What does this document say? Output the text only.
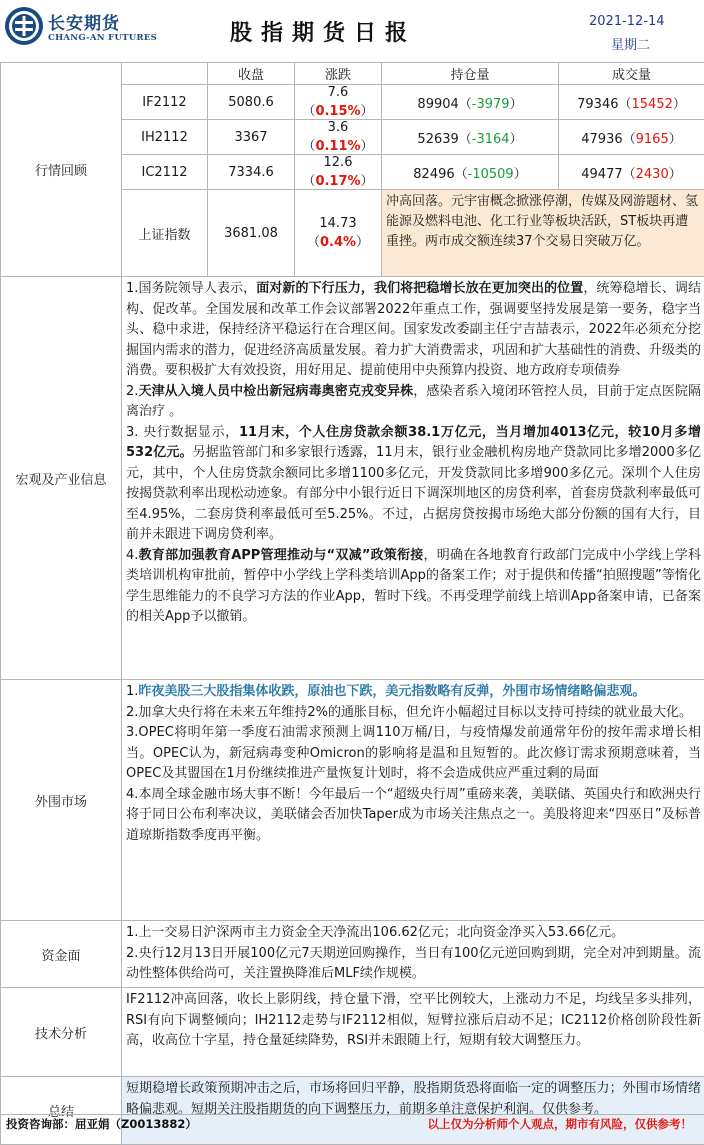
长安期货
CHANG-AN FUTURES	股指期货日报	2021-12-14
星期二
行情回顾		收盘	涨跌	持仓量	成交量
	IF2112	5080.6	7.6（0.15%）	89904（-3979）	79346（15452）
	IH2112	3367	3.6（0.11%）	52639（-3164）	47936（9165）
	IC2112	7334.6	12.6（0.17%）	82496（-10509）	49477（2430）
	上证指数	3681.08	14.73（0.4%）	冲高回落。元宇宙概念掀涨停潮，传媒及网游题材、氢能源及燃料电池、化工行业等板块活跃，ST板块再遭重挫。两市成交额连续37个交易日突破万亿。	
宏观及产业信息	1.国务院领导人表示，面对新的下行压力，我们将把稳增长放在更加突出的位置，统筹稳增长、调结构、促改革。全国发展和改革工作会议部署2022年重点工作，强调要坚持发展是第一要务，稳字当头、稳中求进，保持经济平稳运行在合理区间。国家发改委副主任宁吉喆表示，2022年必须充分挖掘国内需求的潜力，促进经济高质量发展。着力扩大消费需求，巩固和扩大基础性的消费、升级类的消费。要积极扩大有效投资，用好用足、提前使用中央预算内投资、地方政府专项债券

2.天津从入境人员中检出新冠病毒奥密克戎变异株，感染者系入境闭环管控人员，目前于定点医院隔离治疗 。

3. 央行数据显示，11月末，个人住房贷款余额38.1万亿元，当月增加4013亿元，较10月多增532亿元。另据监管部门和多家银行透露，11月末，银行业金融机构房地产贷款同比多增2000多亿元，其中，个人住房贷款余额同比多增1100多亿元，开发贷款同比多增900多亿元。深圳个人住房按揭贷款利率出现松动迹象。有部分中小银行近日下调深圳地区的房贷利率，首套房贷款利率最低可至4.95%，二套房贷利率最低可至5.25%。不过，占据房贷按揭市场绝大部分份额的国有大行，目前并未跟进下调房贷利率。

4.教育部加强教育APP管理推动与“双减”政策衔接，明确在各地教育行政部门完成中小学线上学科类培训机构审批前，暂停中小学线上学科类培训App的备案工作；对于提供和传播“拍照搜题”等惰化学生思维能力的不良学习方法的作业App，暂时下线。不再受理学前线上培训App备案申请，已备案的相关App予以撤销。				

外围市场	1.昨夜美股三大股指集体收跌，原油也下跌，美元指数略有反弹，外围市场情绪略偏悲观。

2.加拿大央行将在未来五年维持2%的通胀目标，但允许小幅超过目标以支持可持续的就业最大化。

3.OPEC将明年第一季度石油需求预测上调110万桶/日，与疫情爆发前通常年份的按年需求增长相当。OPEC认为，新冠病毒变种Omicron的影响将是温和且短暂的。此次修订需求预期意味着，当OPEC及其盟国在1月份继续推进产量恢复计划时，将不会造成供应严重过剩的局面

4.本周全球金融市场大事不断！今年最后一个“超级央行周”重磅来袭，美联储、英国央行和欧洲央行将于同日公布利率决议，美联储会否加快Taper成为市场关注焦点之一。美股将迎来“四巫日”及标普道琼斯指数季度再平衡。				

资金面	1.上一交易日沪深两市主力资金全天净流出106.62亿元；北向资金净买入53.66亿元。

2.央行12月13日开展100亿元7天期逆回购操作，当日有100亿元逆回购到期，完全对冲到期量。流动性整体供给尚可，关注置换降准后MLF续作规模。				

技术分析	IF2112冲高回落，收长上影阴线，持仓量下滑，空平比例较大，上涨动力不足，均线呈多头排列，RSI有向下调整倾向；IH2112走势与IF2112相似，短臂拉涨后启动不足；IC2112价格创阶段性新高，收高位十字星，持仓量延续降势，RSI并未跟随上行，短期有较大调整压力。				
总结	短期稳增长政策预期冲击之后，市场将回归平静，股指期货恐将面临一定的调整压力；外围市场情绪略偏悲观。短期关注股指期货的向下调整压力，前期多单注意保护利润。仅供参考。				
投资咨询部：屈亚娟（Z0013882）	以上仅为分析师个人观点，期市有风险，仅供参考！
